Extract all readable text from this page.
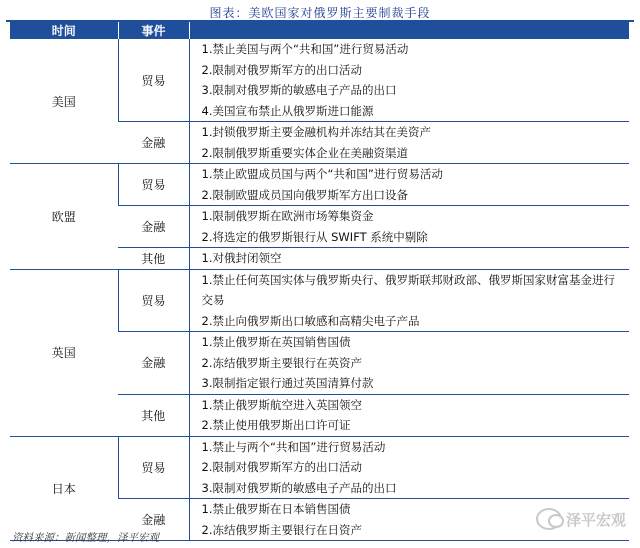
图表：美欧国家对俄罗斯主要制裁手段
时间	事件	
美国	贸易	1.禁止美国与两个“共和国”进行贸易活动
2.限制对俄罗斯军方的出口活动
3.限制对俄罗斯的敏感电子产品的出口
4.美国宣布禁止从俄罗斯进口能源

	金融	1.封锁俄罗斯主要金融机构并冻结其在美资产
2.限制俄罗斯重要实体企业在美融资渠道

欧盟	贸易	1.禁止欧盟成员国与两个“共和国”进行贸易活动
2.限制欧盟成员国向俄罗斯军方出口设备

	金融	1.限制俄罗斯在欧洲市场筹集资金
2.将选定的俄罗斯银行从 SWIFT 系统中剔除

	其他	1.对俄封闭领空

英国	贸易	1.禁止任何英国实体与俄罗斯央行、俄罗斯联邦财政部、俄罗斯国家财富基金进行交易
2.禁止向俄罗斯出口敏感和高精尖电子产品

	金融	1.禁止俄罗斯在英国销售国债
2.冻结俄罗斯主要银行在英资产
3.限制指定银行通过英国清算付款

	其他	1.禁止俄罗斯航空进入英国领空
2.禁止使用俄罗斯出口许可证

日本	贸易	1.禁止与两个“共和国”进行贸易活动
2.限制对俄罗斯军方的出口活动
3.限制对俄罗斯的敏感电子产品的出口

	金融	1.禁止俄罗斯在日本销售国债
2.冻结俄罗斯主要银行在日资产
资料来源：新闻整理，泽平宏观
泽平宏观
